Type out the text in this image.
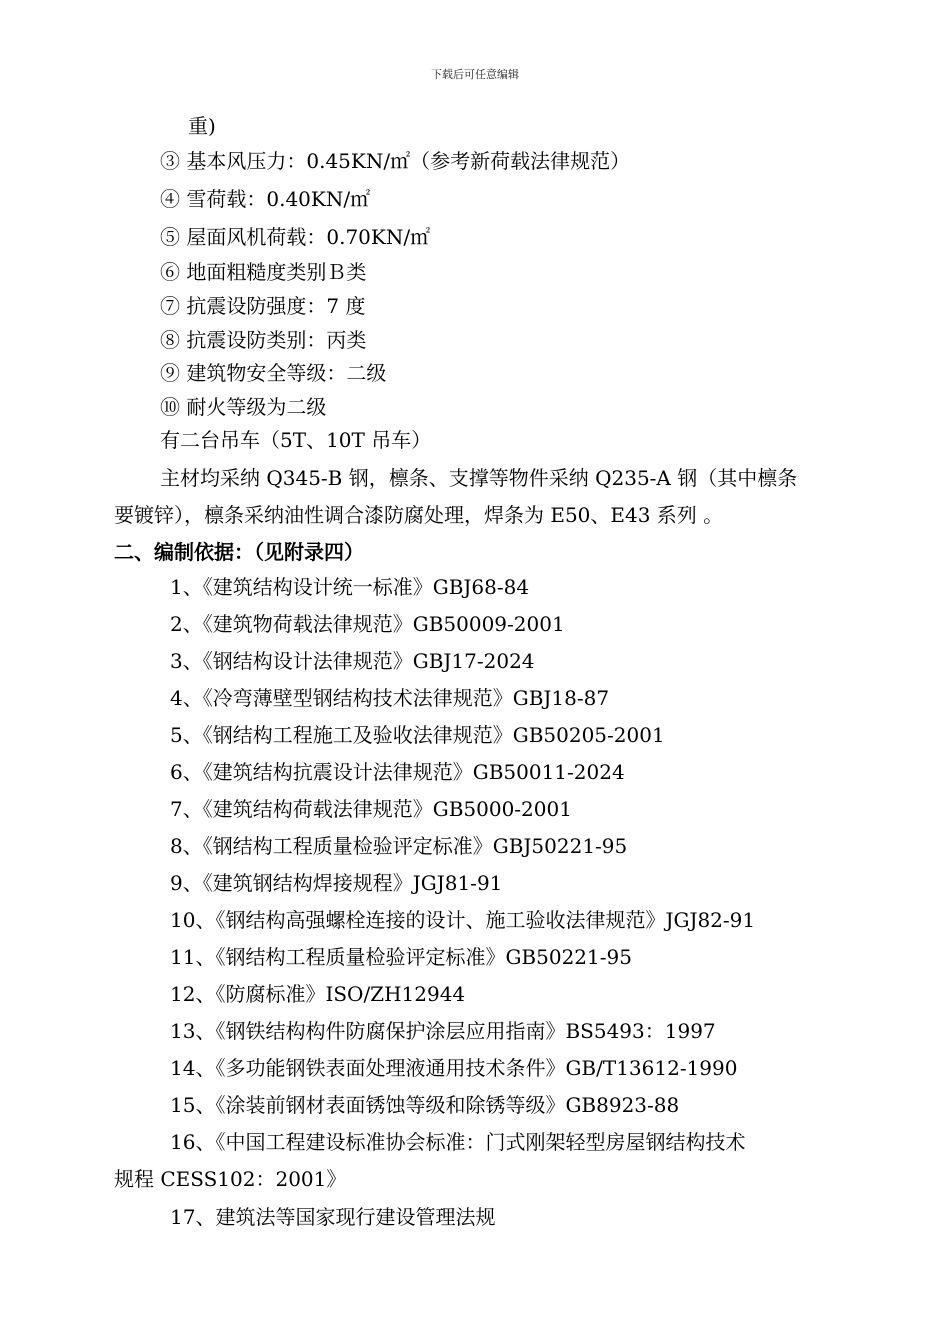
下载后可任意编辑
重)
③ 基本风压力：0.45KN/㎡（参考新荷载法律规范）
④ 雪荷载：0.40KN/㎡
⑤ 屋面风机荷载：0.70KN/㎡
⑥ 地面粗糙度类别Ｂ类
⑦ 抗震设防强度：7 度
⑧ 抗震设防类别：丙类
⑨ 建筑物安全等级：二级
⑩ 耐火等级为二级
有二台吊车（5T、10T 吊车）
主材均采纳 Q345-B 钢，檩条、支撑等物件采纳 Q235-A 钢（其中檩条
要镀锌），檩条采纳油性调合漆防腐处理，焊条为 E50、E43 系列 。
二、编制依据：（见附录四）
1、《建筑结构设计统一标准》GBJ68-84
2、《建筑物荷载法律规范》GB50009-2001
3、《钢结构设计法律规范》GBJ17-2024
4、《冷弯薄壁型钢结构技术法律规范》GBJ18-87
5、《钢结构工程施工及验收法律规范》GB50205-2001
6、《建筑结构抗震设计法律规范》GB50011-2024
7、《建筑结构荷载法律规范》GB5000-2001
8、《钢结构工程质量检验评定标准》GBJ50221-95
9、《建筑钢结构焊接规程》JGJ81-91
10、《钢结构高强螺栓连接的设计、施工验收法律规范》JGJ82-91
11、《钢结构工程质量检验评定标准》GB50221-95
12、《防腐标准》ISO/ZH12944
13、《钢铁结构构件防腐保护涂层应用指南》BS5493：1997
14、《多功能钢铁表面处理液通用技术条件》GB/T13612-1990
15、《涂装前钢材表面锈蚀等级和除锈等级》GB8923-88
16、《中国工程建设标准协会标准：门式刚架轻型房屋钢结构技术
规程 CESS102：2001》
17、建筑法等国家现行建设管理法规
